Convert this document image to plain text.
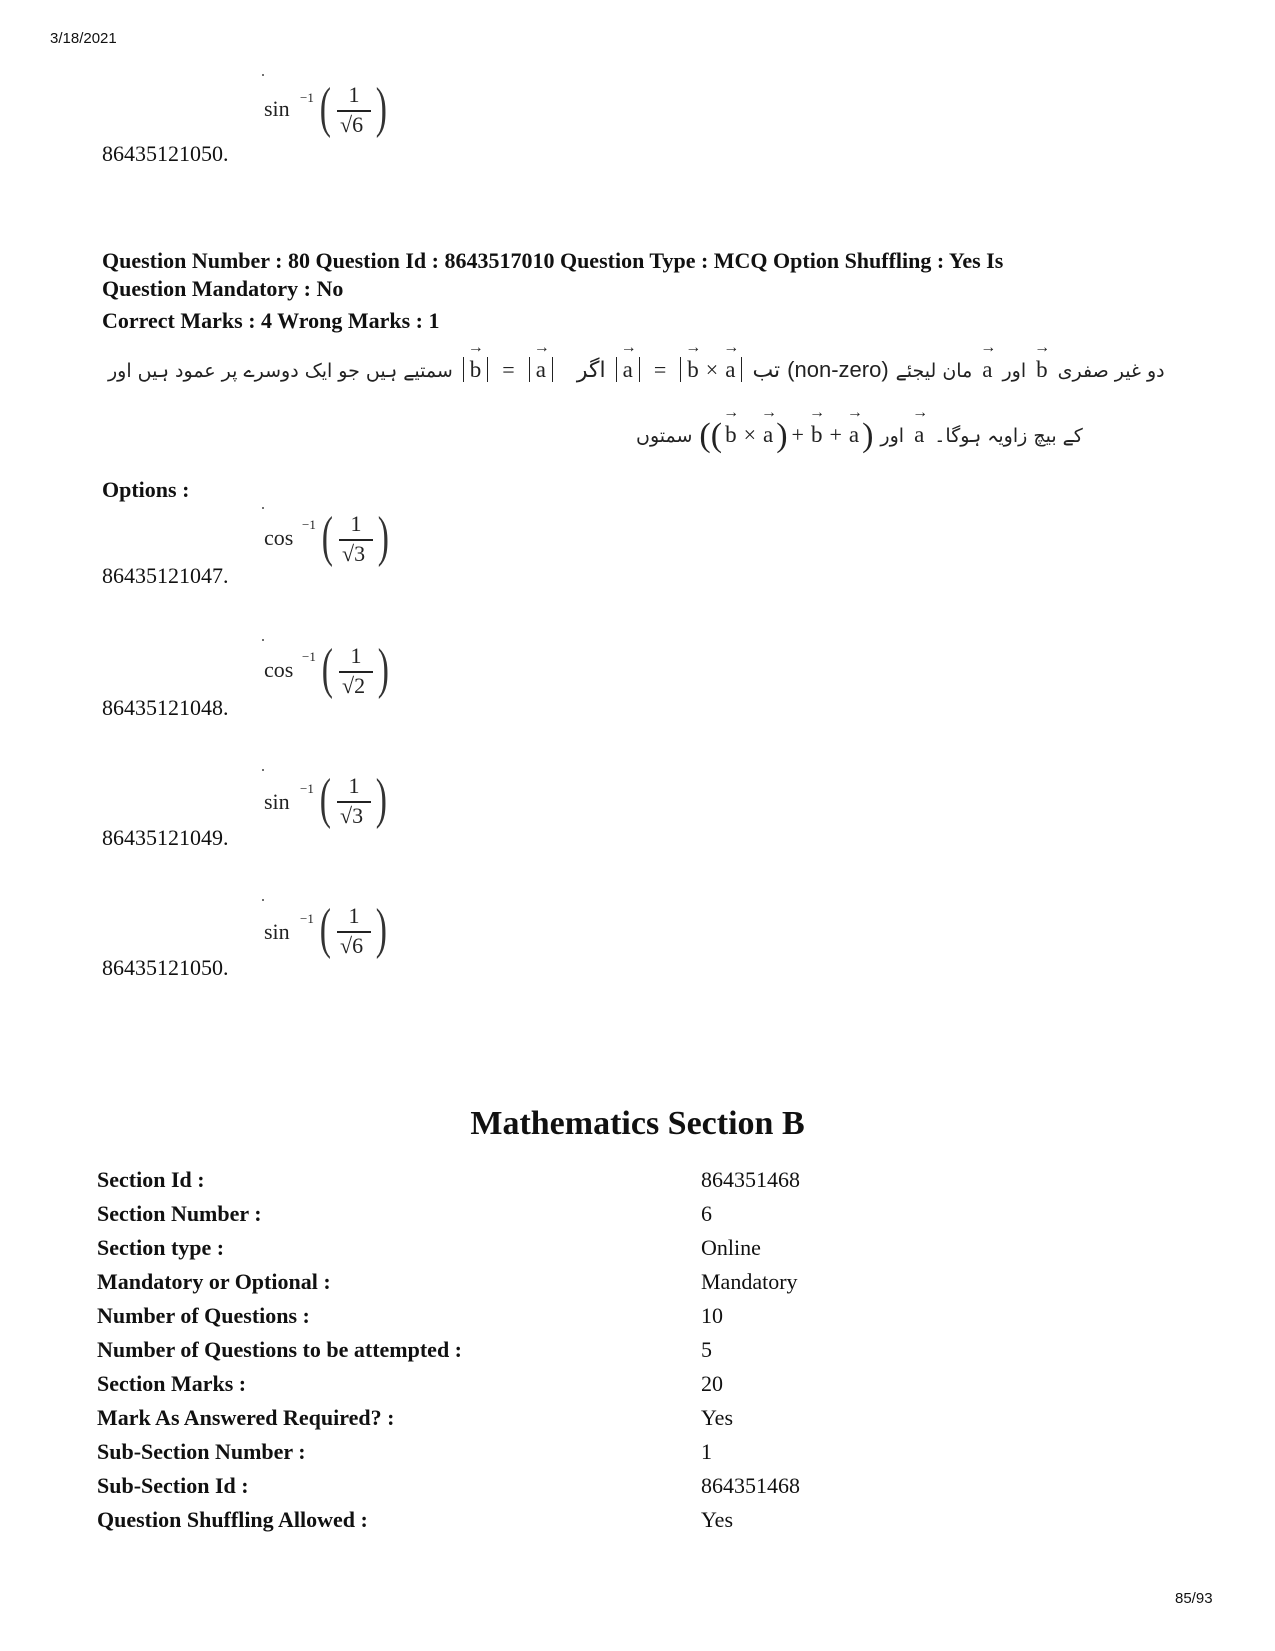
3/18/2021
sin −1 ( 1
√6 )
86435121050.
Question Number : 80 Question Id : 8643517010 Question Type : MCQ Option Shuffling : Yes Is
Question Mandatory : No
Correct Marks : 4 Wrong Marks : 1
تب → a×→ b = → a اگر   → a = → b سمتیے ہیں جو ایک دوسرے پر عمود ہیں اور	(non-zero)	دو غیر صفری → b اور → a مان لیجئے
کے بیچ زاویہ ہوگا۔ → a اور (→ a+→ b+(→ a×→ b)) سمتوں
Options :
cos
−1 ( 1
√3 )
86435121047.
cos
−1 ( 1
√2 )
86435121048.
sin
−1 ( 1
√3 )
86435121049.
sin
−1 ( 1
√6 )
86435121050.
Mathematics Section B
Section Id :	864351468
Section Number :	6
Section type :	Online
Mandatory or Optional :	Mandatory
Number of Questions :	10
Number of Questions to be attempted :	5
Section Marks :	20
Mark As Answered Required? :	Yes
Sub-Section Number :	1
Sub-Section Id :	864351468
Question Shuffling Allowed :	Yes
85/93
